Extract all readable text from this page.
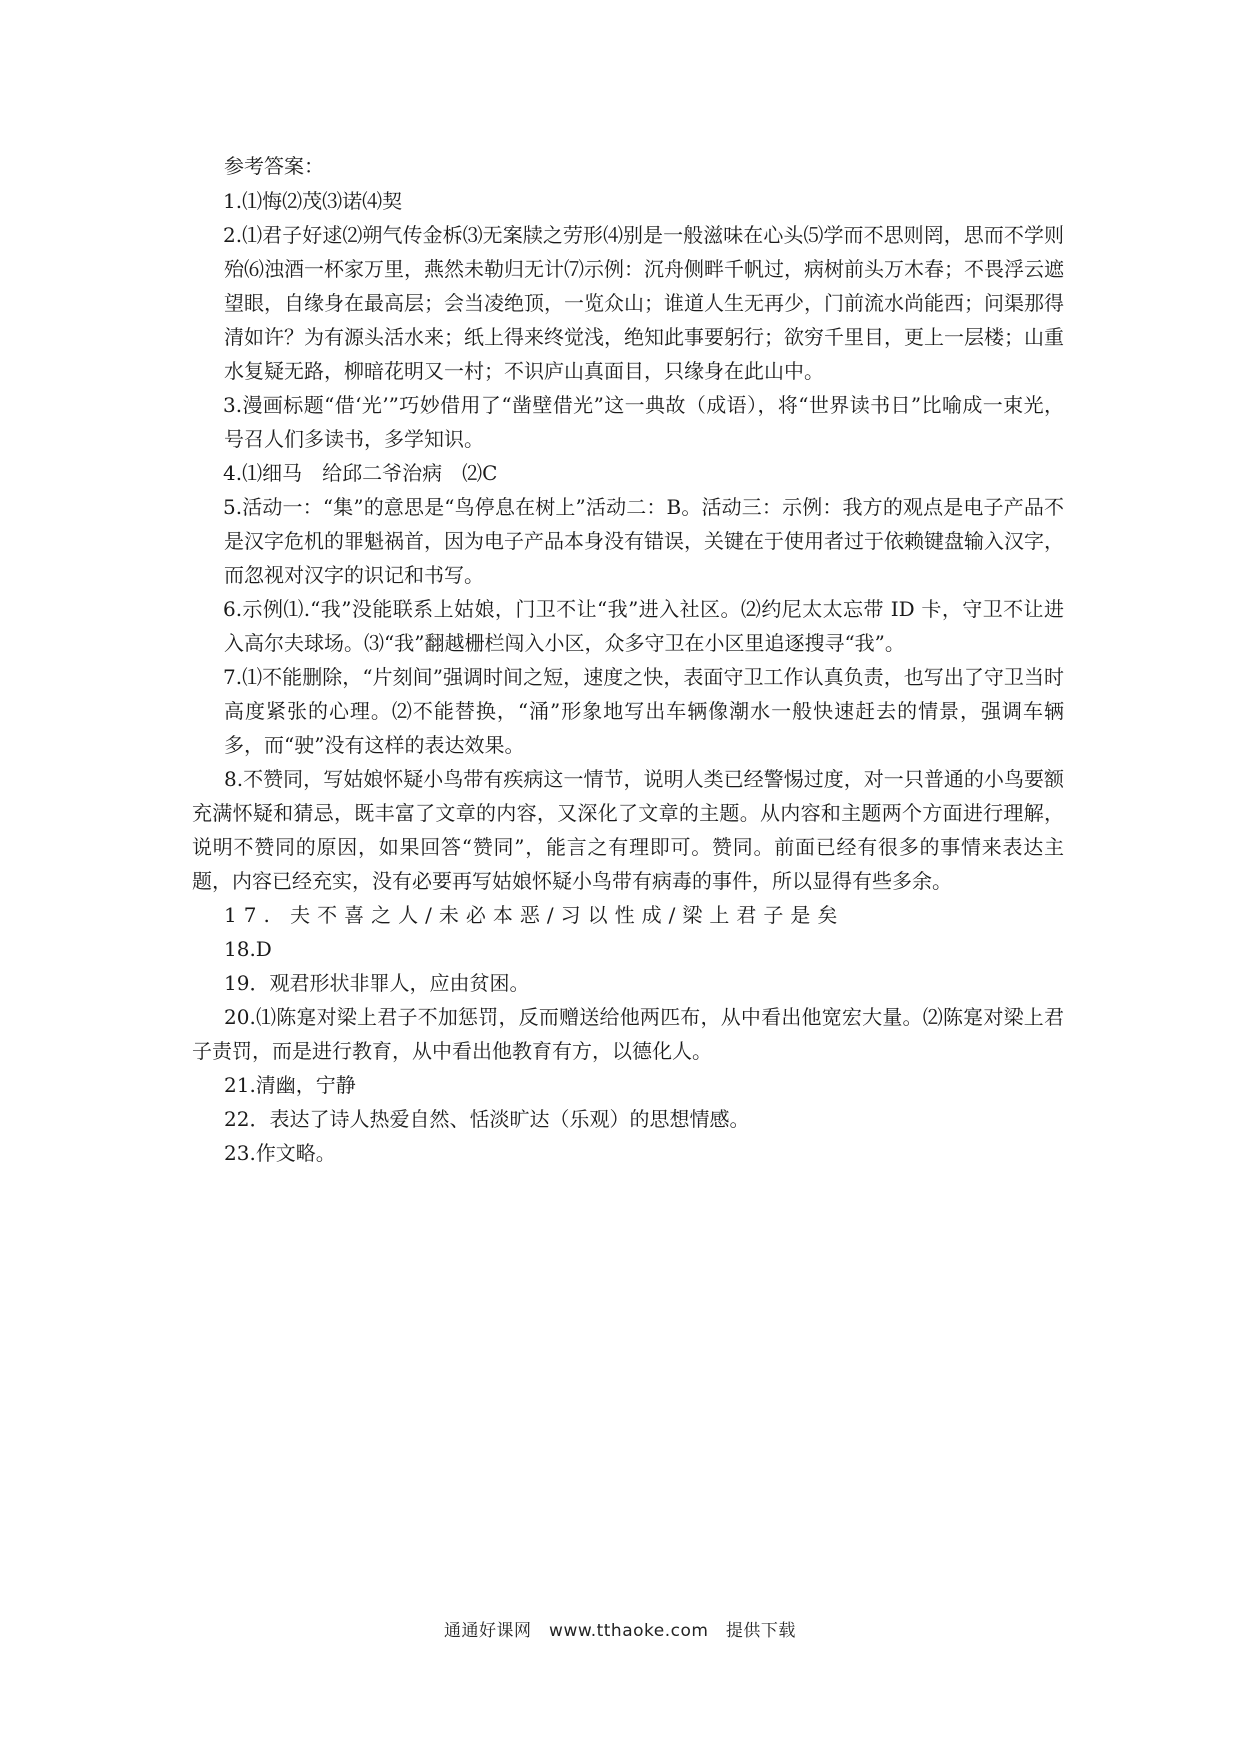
参考答案：

1.⑴悔⑵茂⑶诺⑷契

2.⑴君子好逑⑵朔气传金柝⑶无案牍之劳形⑷别是一般滋味在心头⑸学而不思则罔，思而不学则殆⑹浊酒一杯家万里，燕然未勒归无计⑺示例：沉舟侧畔千帆过，病树前头万木春；不畏浮云遮望眼，自缘身在最高层；会当凌绝顶，一览众山；谁道人生无再少，门前流水尚能西；问渠那得清如许？为有源头活水来；纸上得来终觉浅，绝知此事要躬行；欲穷千里目，更上一层楼；山重水复疑无路，柳暗花明又一村；不识庐山真面目，只缘身在此山中。

3.漫画标题“借‘光’”巧妙借用了“凿壁借光”这一典故（成语），将“世界读书日”比喻成一束光，号召人们多读书，多学知识。

4.⑴细马　给邱二爷治病　⑵C

5.活动一：“集”的意思是“鸟停息在树上”活动二：B。活动三：示例：我方的观点是电子产品不是汉字危机的罪魁祸首，因为电子产品本身没有错误，关键在于使用者过于依赖键盘输入汉字，而忽视对汉字的识记和书写。

6.示例⑴.“我”没能联系上姑娘，门卫不让“我”进入社区。⑵约尼太太忘带 ID 卡，守卫不让进入高尔夫球场。⑶“我”翻越栅栏闯入小区，众多守卫在小区里追逐搜寻“我”。

7.⑴不能删除，“片刻间”强调时间之短，速度之快，表面守卫工作认真负责，也写出了守卫当时高度紧张的心理。⑵不能替换，“涌”形象地写出车辆像潮水一般快速赶去的情景，强调车辆多，而“驶”没有这样的表达效果。

8.不赞同，写姑娘怀疑小鸟带有疾病这一情节，说明人类已经警惕过度，对一只普通的小鸟要额充满怀疑和猜忌，既丰富了文章的内容，又深化了文章的主题。从内容和主题两个方面进行理解，说明不赞同的原因，如果回答“赞同”，能言之有理即可。赞同。前面已经有很多的事情来表达主题，内容已经充实，没有必要再写姑娘怀疑小鸟带有病毒的事件，所以显得有些多余。

17. 夫不喜之人/未必本恶/习以性成/梁上君子是矣

18.D

19．观君形状非罪人，应由贫困。

20.⑴陈寔对梁上君子不加惩罚，反而赠送给他两匹布，从中看出他宽宏大量。⑵陈寔对梁上君子责罚，而是进行教育，从中看出他教育有方，以德化人。

21.清幽，宁静

22．表达了诗人热爱自然、恬淡旷达（乐观）的思想情感。

23.作文略。

通通好课网　www.tthaoke.com　提供下载
